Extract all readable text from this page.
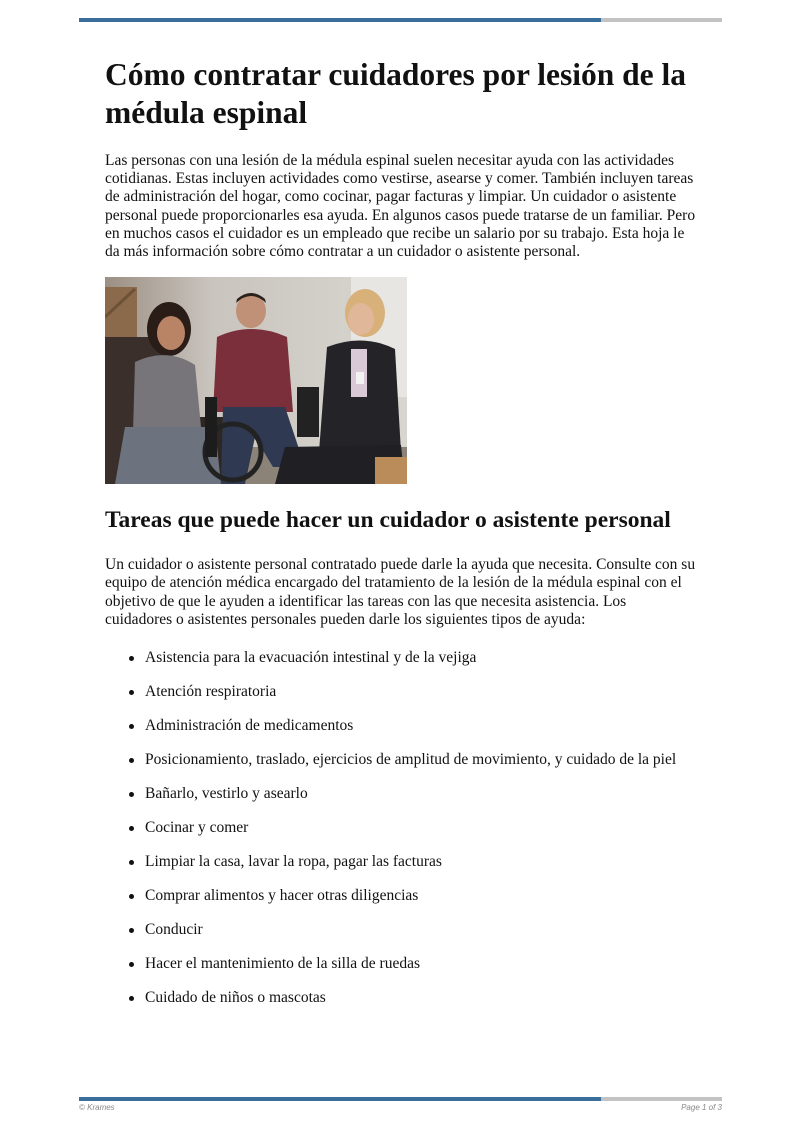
Cómo contratar cuidadores por lesión de la médula espinal

Las personas con una lesión de la médula espinal suelen necesitar ayuda con las actividades cotidianas. Estas incluyen actividades como vestirse, asearse y comer. También incluyen tareas de administración del hogar, como cocinar, pagar facturas y limpiar. Un cuidador o asistente personal puede proporcionarles esa ayuda. En algunos casos puede tratarse de un familiar. Pero en muchos casos el cuidador es un empleado que recibe un salario por su trabajo. Esta hoja le da más información sobre cómo contratar a un cuidador o asistente personal.

Tareas que puede hacer un cuidador o asistente personal

Un cuidador o asistente personal contratado puede darle la ayuda que necesita. Consulte con su equipo de atención médica encargado del tratamiento de la lesión de la médula espinal con el objetivo de que le ayuden a identificar las tareas con las que necesita asistencia. Los cuidadores o asistentes personales pueden darle los siguientes tipos de ayuda:

Asistencia para la evacuación intestinal y de la vejiga
Atención respiratoria
Administración de medicamentos
Posicionamiento, traslado, ejercicios de amplitud de movimiento, y cuidado de la piel
Bañarlo, vestirlo y asearlo
Cocinar y comer
Limpiar la casa, lavar la ropa, pagar las facturas
Comprar alimentos y hacer otras diligencias
Conducir
Hacer el mantenimiento de la silla de ruedas
Cuidado de niños o mascotas
© Krames	Page 1 of 3
